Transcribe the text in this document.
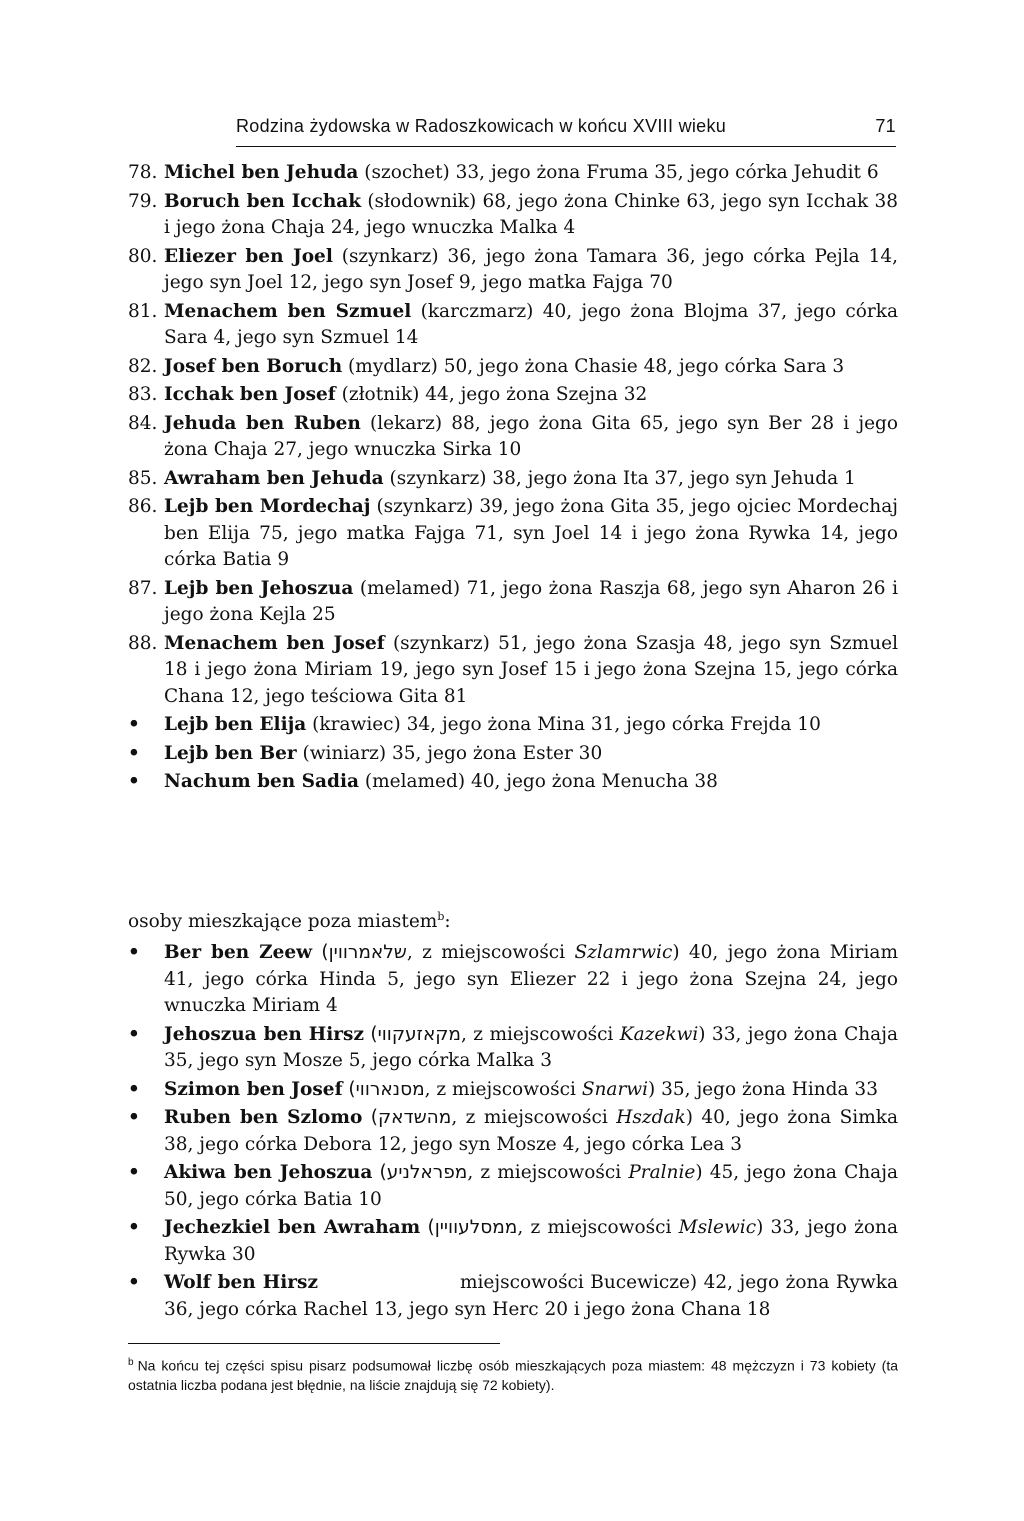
Rodzina żydowska w Radoszkowicach w końcu XVIII wieku	71
78. Michel ben Jehuda (szochet) 33, jego żona Fruma 35, jego córka Jehudit 6
79. Boruch ben Icchak (słodownik) 68, jego żona Chinke 63, jego syn Icchak 38 i jego żona Chaja 24, jego wnuczka Malka 4
80. Eliezer ben Joel (szynkarz) 36, jego żona Tamara 36, jego córka Pejla 14, jego syn Joel 12, jego syn Josef 9, jego matka Fajga 70
81. Menachem ben Szmuel (karczmarz) 40, jego żona Blojma 37, jego córka Sara 4, jego syn Szmuel 14
82. Josef ben Boruch (mydlarz) 50, jego żona Chasie 48, jego córka Sara 3
83. Icchak ben Josef (złotnik) 44, jego żona Szejna 32
84. Jehuda ben Ruben (lekarz) 88, jego żona Gita 65, jego syn Ber 28 i jego żona Chaja 27, jego wnuczka Sirka 10
85. Awraham ben Jehuda (szynkarz) 38, jego żona Ita 37, jego syn Jehuda 1
86. Lejb ben Mordechaj (szynkarz) 39, jego żona Gita 35, jego ojciec Mordechaj ben Elija 75, jego matka Fajga 71, syn Joel 14 i jego żona Rywka 14, jego córka Batia 9
87. Lejb ben Jehoszua (melamed) 71, jego żona Raszja 68, jego syn Aharon 26 i jego żona Kejla 25
88. Menachem ben Josef (szynkarz) 51, jego żona Szasja 48, jego syn Szmuel 18 i jego żona Miriam 19, jego syn Josef 15 i jego żona Szejna 15, jego córka Chana 12, jego teściowa Gita 81
•	Lejb ben Elija (krawiec) 34, jego żona Mina 31, jego córka Frejda 10
•	Lejb ben Ber (winiarz) 35, jego żona Ester 30
•	Nachum ben Sadia (melamed) 40, jego żona Menucha 38
osoby mieszkające poza miastem$^b$:
•	Ber ben Zeew (שלאמרווין, z miejscowości Szlamrwic) 40, jego żona Miriam 41, jego córka Hinda 5, jego syn Eliezer 22 i jego żona Szejna 24, jego wnuczka Miriam 4
•	Jehoszua ben Hirsz (מקאזעקווי, z miejscowości Kazekwi) 33, jego żona Chaja 35, jego syn Mosze 5, jego córka Malka 3
•	Szimon ben Josef (מסנארווי, z miejscowości Snarwi) 35, jego żona Hinda 33
•	Ruben ben Szlomo (מהשדאק, z miejscowości Hszdak) 40, jego żona Simka 38, jego córka Debora 12, jego syn Mosze 4, jego córka Lea 3
•	Akiwa ben Jehoszua (מפראלניע, z miejscowości Pralnie) 45, jego żona Chaja 50, jego córka Batia 10
•	Jechezkiel ben Awraham (ממסלעוויין, z miejscowości Mslewic) 33, jego żona Rywka 30
•	Wolf ben Hirsz	miejscowości Bucewicze) 42, jego żona Rywka 36, jego córka Rachel 13, jego syn Herc 20 i jego żona Chana 18
$^b$ Na końcu tej części spisu pisarz podsumował liczbę osób mieszkających poza miastem: 48 mężczyzn i 73 kobiety (ta ostatnia liczba podana jest błędnie, na liście znajdują się 72 kobiety).
